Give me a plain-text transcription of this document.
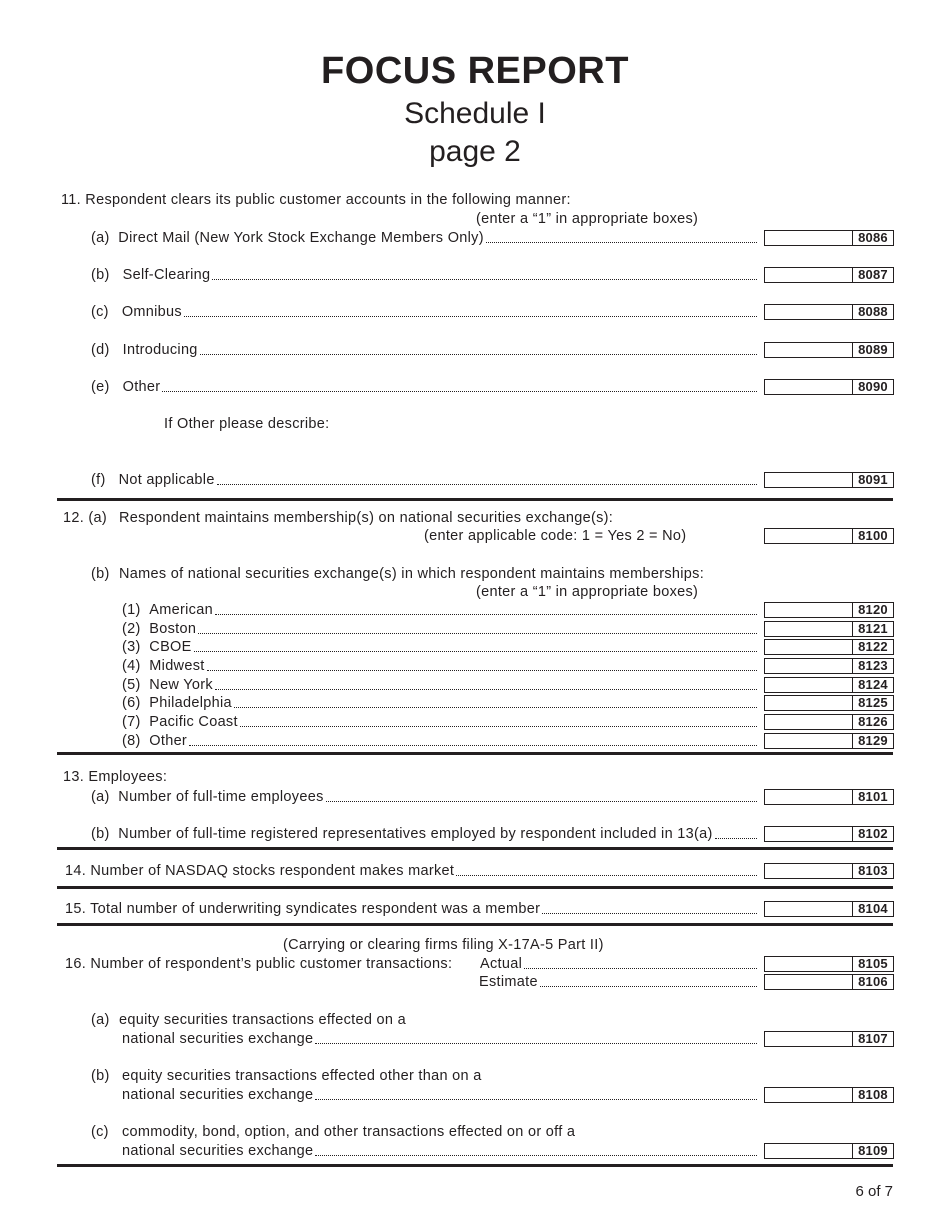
FOCUS REPORT
Schedule I
page 2
11. Respondent clears its public customer accounts in the following manner:
(enter a “1” in appropriate boxes)
(a)
Direct Mail (New York Stock Exchange Members Only)	8086
(b)
Self-Clearing	8087
(c)
Omnibus	8088
(d)
Introducing	8089
(e)
Other	8090
If Other please describe:
(f)
Not applicable	8091
12. (a) Respondent maintains membership(s) on national securities exchange(s):
(enter applicable code: 1 = Yes 2 = No)	8100
(b) Names of national securities exchange(s) in which respondent maintains memberships:
(enter a “1” in appropriate boxes)
(1)
American	8120
(2)
Boston	8121
(3)
CBOE	8122
(4)
Midwest	8123
(5)
New York	8124
(6)
Philadelphia	8125
(7)
Pacific Coast	8126
(8)
Other	8129
13. Employees:
(a)
Number of full-time employees	8101
(b)
Number of full-time registered representatives employed by respondent included in 13(a)	8102
14. Number of NASDAQ stocks respondent makes market	8103
15. Total number of underwriting syndicates respondent was a member	8104
(Carrying or clearing firms filing X-17A-5 Part II)
16. Number of respondent’s public customer transactions: Actual	8105
Estimate	8106
(a) equity securities transactions effected on a
national securities exchange	8107
(b) equity securities transactions effected other than on a
national securities exchange	8108
(c) commodity, bond, option, and other transactions effected on or off a
national securities exchange	8109
6 of 7
